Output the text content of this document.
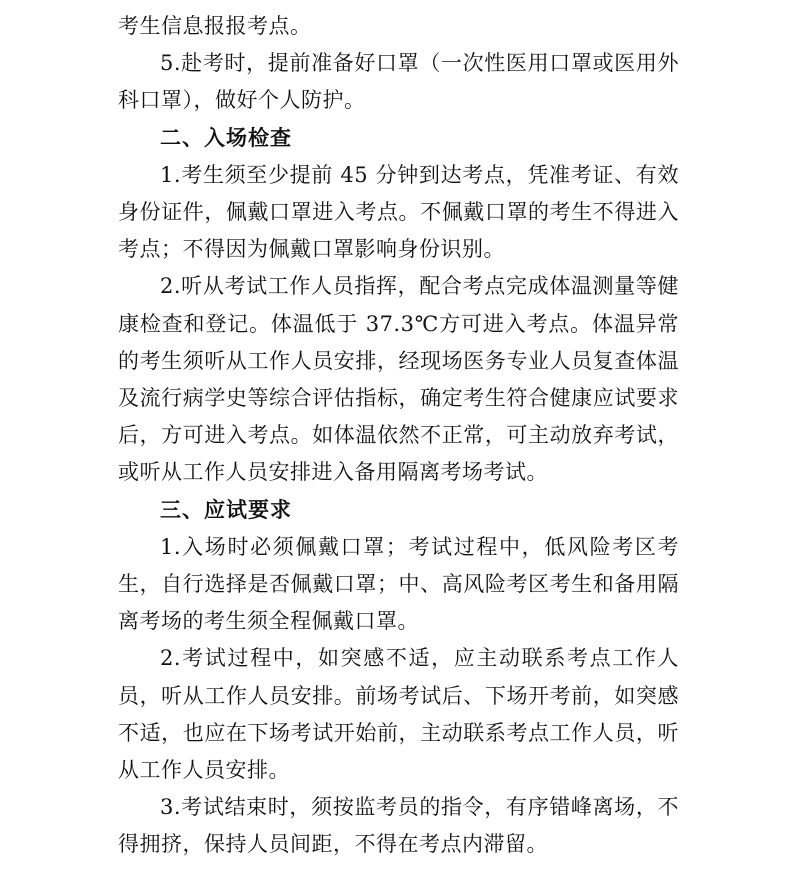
考生信息报报考点。

5.赴考时，提前准备好口罩（一次性医用口罩或医用外科口罩），做好个人防护。

二、入场检查

1.考生须至少提前 45 分钟到达考点，凭准考证、有效身份证件，佩戴口罩进入考点。不佩戴口罩的考生不得进入考点；不得因为佩戴口罩影响身份识别。

2.听从考试工作人员指挥，配合考点完成体温测量等健康检查和登记。体温低于 37.3℃方可进入考点。体温异常的考生须听从工作人员安排，经现场医务专业人员复查体温及流行病学史等综合评估指标，确定考生符合健康应试要求后，方可进入考点。如体温依然不正常，可主动放弃考试，或听从工作人员安排进入备用隔离考场考试。

三、应试要求

1.入场时必须佩戴口罩；考试过程中，低风险考区考生，自行选择是否佩戴口罩；中、高风险考区考生和备用隔离考场的考生须全程佩戴口罩。

2.考试过程中，如突感不适，应主动联系考点工作人员，听从工作人员安排。前场考试后、下场开考前，如突感不适，也应在下场考试开始前，主动联系考点工作人员，听从工作人员安排。

3.考试结束时，须按监考员的指令，有序错峰离场，不得拥挤，保持人员间距，不得在考点内滞留。
